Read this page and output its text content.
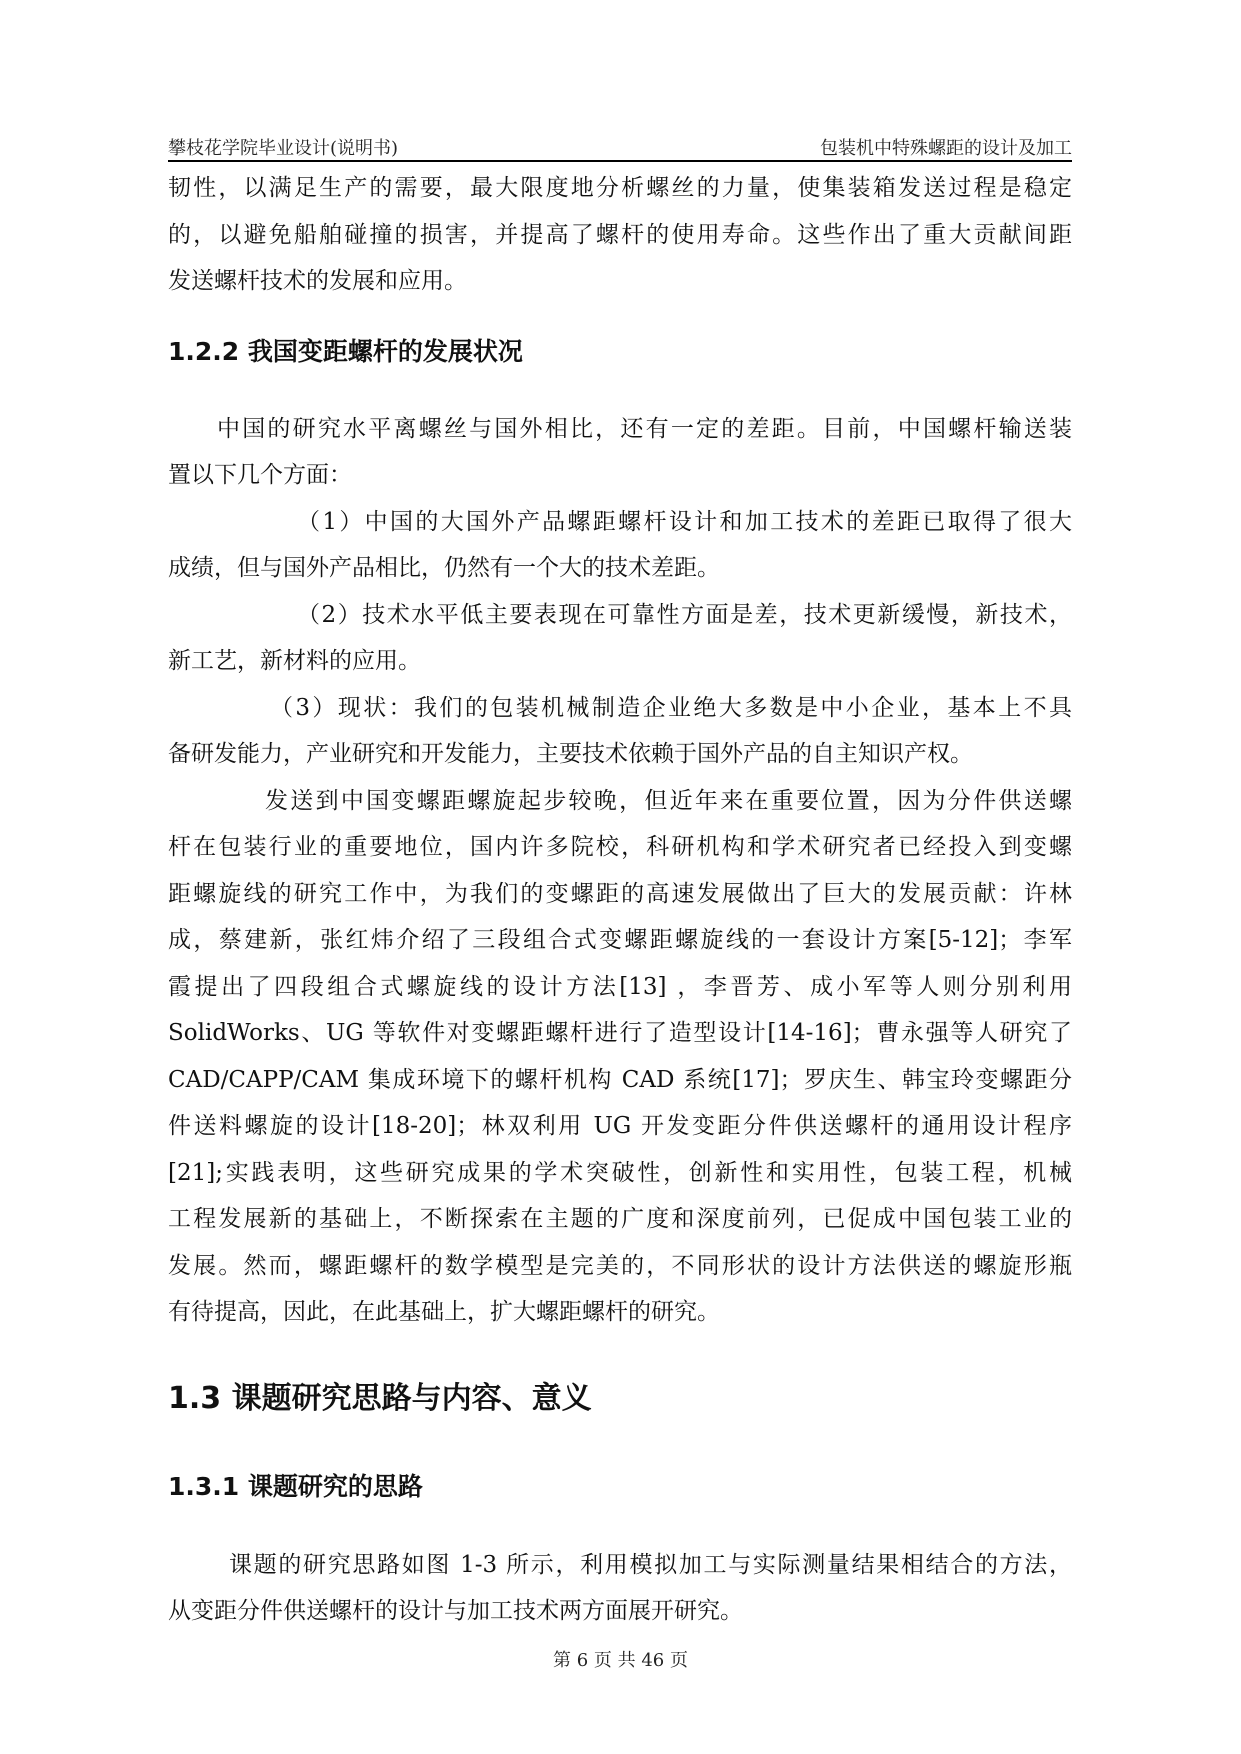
攀枝花学院毕业设计(说明书)	包装机中特殊螺距的设计及加工
韧性，以满足生产的需要，最大限度地分析螺丝的力量，使集装箱发送过程是稳定
的，以避免船舶碰撞的损害，并提高了螺杆的使用寿命。这些作出了重大贡献间距
发送螺杆技术的发展和应用。
1.2.2 我国变距螺杆的发展状况
中国的研究水平离螺丝与国外相比，还有一定的差距。目前，中国螺杆输送装
置以下几个方面：
（1）中国的大国外产品螺距螺杆设计和加工技术的差距已取得了很大
成绩，但与国外产品相比，仍然有一个大的技术差距。
（2）技术水平低主要表现在可靠性方面是差，技术更新缓慢，新技术，
新工艺，新材料的应用。
（3）现状：我们的包装机械制造企业绝大多数是中小企业，基本上不具
备研发能力，产业研究和开发能力，主要技术依赖于国外产品的自主知识产权。
发送到中国变螺距螺旋起步较晚，但近年来在重要位置，因为分件供送螺
杆在包装行业的重要地位，国内许多院校，科研机构和学术研究者已经投入到变螺
距螺旋线的研究工作中，为我们的变螺距的高速发展做出了巨大的发展贡献：许林
成，蔡建新，张红炜介绍了三段组合式变螺距螺旋线的一套设计方案[5-12]；李军
霞提出了四段组合式螺旋线的设计方法[13] ，李晋芳、成小军等人则分别利用
SolidWorks、UG 等软件对变螺距螺杆进行了造型设计[14-16]；曹永强等人研究了
CAD/CAPP/CAM 集成环境下的螺杆机构 CAD 系统[17]；罗庆生、韩宝玲变螺距分
件送料螺旋的设计[18-20]；林双利用 UG 开发变距分件供送螺杆的通用设计程序
[21];实践表明，这些研究成果的学术突破性，创新性和实用性，包装工程，机械
工程发展新的基础上，不断探索在主题的广度和深度前列，已促成中国包装工业的
发展。然而，螺距螺杆的数学模型是完美的，不同形状的设计方法供送的螺旋形瓶
有待提高，因此，在此基础上，扩大螺距螺杆的研究。
1.3 课题研究思路与内容、意义
1.3.1 课题研究的思路
课题的研究思路如图 1-3 所示，利用模拟加工与实际测量结果相结合的方法，
从变距分件供送螺杆的设计与加工技术两方面展开研究。
第 6 页 共 46 页
